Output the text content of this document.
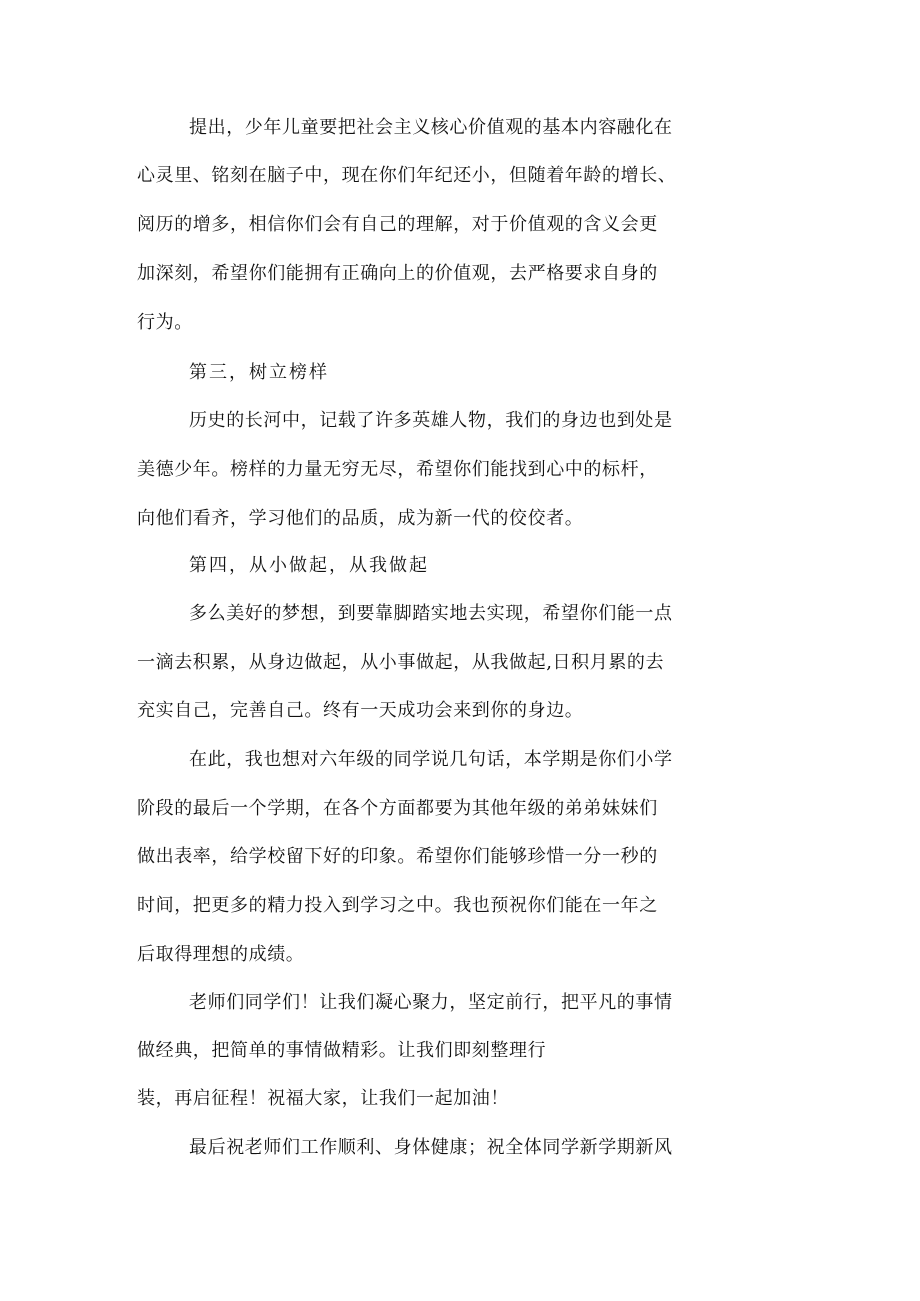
提出，少年儿童要把社会主义核心价值观的基本内容融化在

心灵里、铭刻在脑子中，现在你们年纪还小，但随着年龄的增长、

阅历的增多，相信你们会有自己的理解，对于价值观的含义会更

加深刻，希望你们能拥有正确向上的价值观，去严格要求自身的

行为。

第三，树立榜样

历史的长河中，记载了许多英雄人物，我们的身边也到处是

美德少年。榜样的力量无穷无尽，希望你们能找到心中的标杆，

向他们看齐，学习他们的品质，成为新一代的佼佼者。

第四，从小做起，从我做起

多么美好的梦想，到要靠脚踏实地去实现，希望你们能一点

一滴去积累，从身边做起，从小事做起，从我做起,日积月累的去

充实自己，完善自己。终有一天成功会来到你的身边。

在此，我也想对六年级的同学说几句话，本学期是你们小学

阶段的最后一个学期，在各个方面都要为其他年级的弟弟妹妹们

做出表率，给学校留下好的印象。希望你们能够珍惜一分一秒的

时间，把更多的精力投入到学习之中。我也预祝你们能在一年之

后取得理想的成绩。

老师们同学们！让我们凝心聚力，坚定前行，把平凡的事情

做经典，把简单的事情做精彩。让我们即刻整理行

装，再启征程！祝福大家，让我们一起加油！

最后祝老师们工作顺利、身体健康；祝全体同学新学期新风
